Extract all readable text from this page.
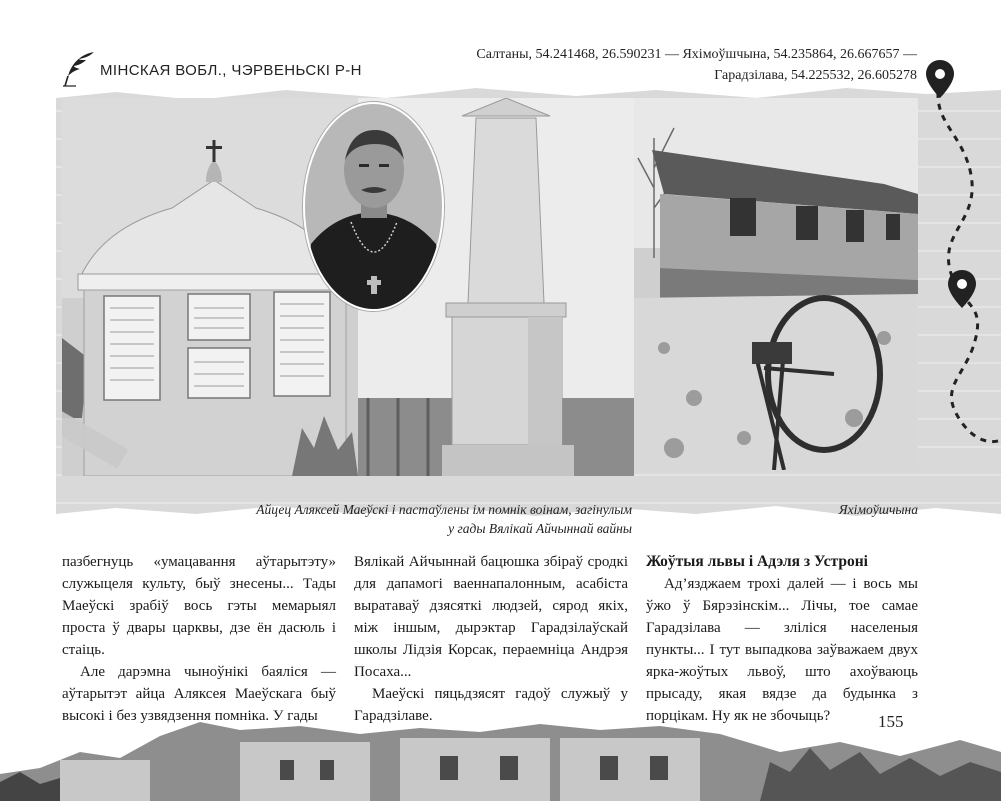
МІНСКАЯ ВОБЛ., ЧЭРВЕНЬСКІ Р-Н
Салтаны, 54.241468, 26.590231 — Яхімоўшчына, 54.235864, 26.667657 —
Гарадзілава, 54.225532, 26.605278
Айцец Аляксей Маеўскі і пастаўлены ім помнік воінам, загінулым
у гады Вялікай Айчыннай вайны
Яхімоўшчына

пазбегнуць «умацавання аўтарытэту» служыцеля культу, быў знесены... Тады Маеўскі зрабіў вось гэты мемарыял проста ў двары царквы, дзе ён дасюль і стаіць.

Але дарэмна чыноўнікі баяліся — аўтарытэт айца Аляксея Маеўскага быў высокі і без узвядзення помніка. У гады

Вялікай Айчыннай бацюшка збіраў сродкі для дапамогі ваеннапалонным, асабіста выратаваў дзясяткі людзей, сярод якіх, між іншым, дырэктар Гарадзілаўскай школы Лідзія Корсак, пераемніца Андрэя Посаха...

Маеўскі пяцьдзясят гадоў служыў у Гарадзілаве.

Жоўтыя львы і Адэля з Устроні

Ад’язджаем трохі далей — і вось мы ўжо ў Бярэзінскім... Лічы, тое самае Гарадзілава — зліліся населеныя пункты... І тут выпадкова заўважаем двух ярка-жоўтых львоў, што ахоўваюць прысаду, якая вядзе да будынка з порцікам. Ну як не збочыць?	155
